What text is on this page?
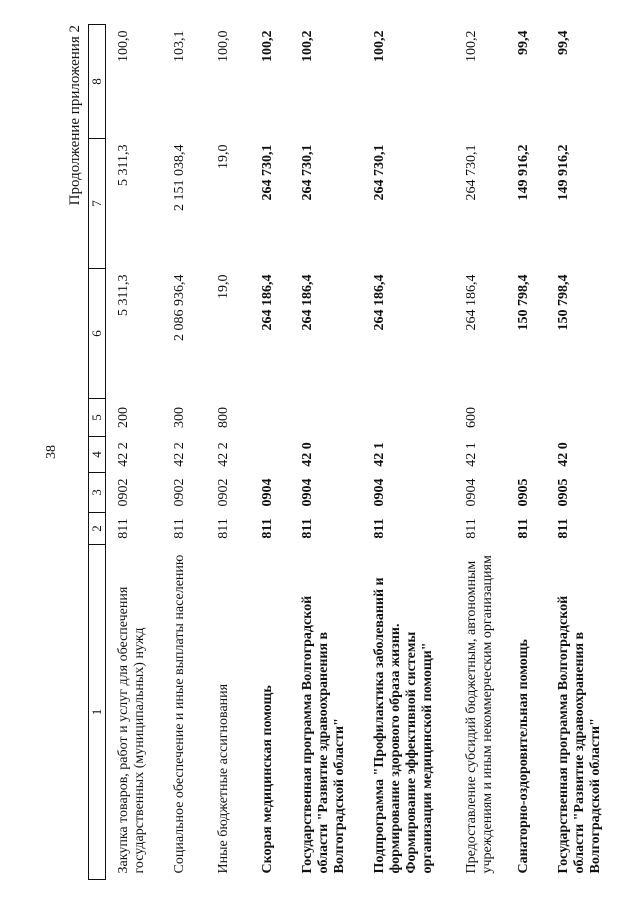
38
Продолжение приложения 2
1	2	3	4	5	6	7	8
Закупка товаров, работ и услуг для обеспечения государственных (муниципальных) нужд	811	0902	42 2	200	5 311,3	5 311,3	100,0
Социальное обеспечение и иные выплаты населению	811	0902	42 2	300	2 086 936,4	2 151 038,4	103,1
Иные бюджетные ассигнования	811	0902	42 2	800	19,0	19,0	100,0
Скорая медицинская помощь	811	0904			264 186,4	264 730,1	100,2
Государственная программа Волгоградской области "Развитие здравоохранения в Волгоградской области"	811	0904	42 0		264 186,4	264 730,1	100,2
Подпрограмма "Профилактика заболеваний и формирование здорового образа жизни. Формирование эффективной системы организации медицинской помощи"	811	0904	42 1		264 186,4	264 730,1	100,2
Предоставление субсидий бюджетным, автономным учреждениям и иным некоммерческим организациям	811	0904	42 1	600	264 186,4	264 730,1	100,2
Санаторно-оздоровительная помощь	811	0905			150 798,4	149 916,2	99,4
Государственная программа Волгоградской области "Развитие здравоохранения в Волгоградской области"	811	0905	42 0		150 798,4	149 916,2	99,4
